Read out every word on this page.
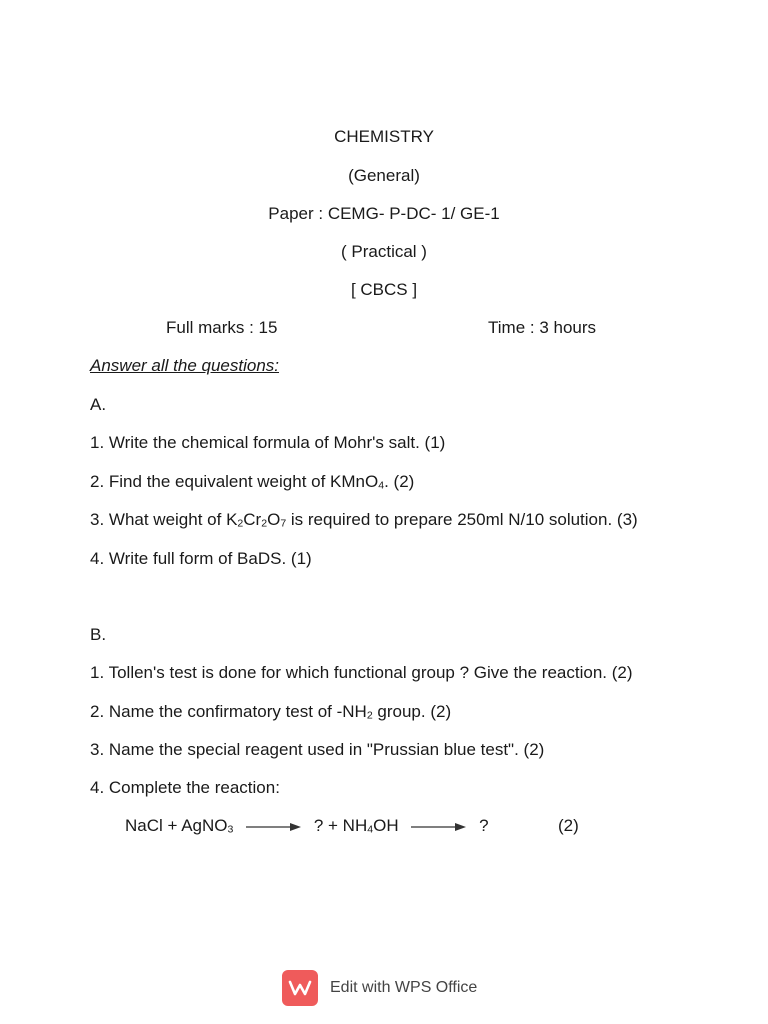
CHEMISTRY
(General)
Paper : CEMG- P-DC- 1/ GE-1
( Practical )
[ CBCS ]
Full marks : 15	Time : 3 hours
Answer all the questions:
A.
1. Write the chemical formula of Mohr's salt. (1)
2. Find the equivalent weight of KMnO$_4$. (2)
3. What weight of $K_2Cr_2O_7$ is required to prepare 250ml N/10 solution. (3)
4. Write full form of BaDS. (1)
B.
1. Tollen's test is done for which functional group ? Give the reaction. (2)
2. Name the confirmatory test of $-NH_2$ group. (2)
3. Name the special reagent used in "Prussian blue test". (2)
4. Complete the reaction:
NaCl + AgNO$_3$ → ? + $NH_4OH$ → ?	(2)
Edit with WPS Office
